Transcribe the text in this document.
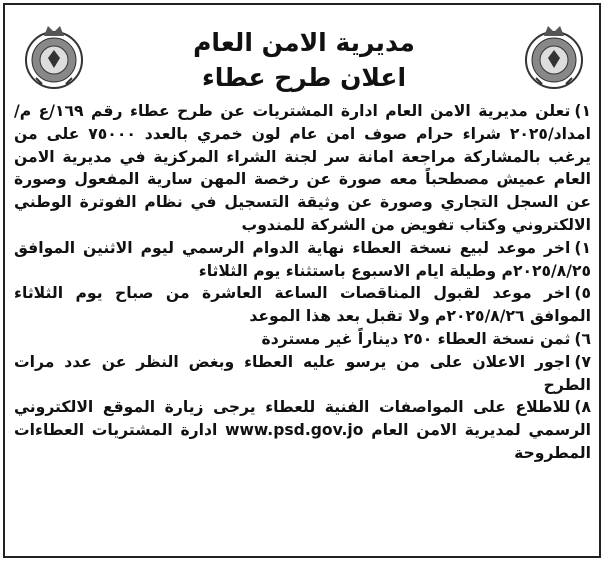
مديرية الامن العام
اعلان طرح عطاء

١)تعلن مديرية الامن العام ادارة المشتريات عن طرح عطاء رقم ١٦٩/ع م/امداد/٢٠٢٥ شراء حرام صوف امن عام لون خمري بالعدد ٧٥٠٠٠ على من يرغب بالمشاركة مراجعة امانة سر لجنة الشراء المركزية في مديرية الامن العام عميش مصطحباً معه صورة عن رخصة المهن سارية المفعول وصورة عن السجل التجاري وصورة عن وثيقة التسجيل في نظام الفوترة الوطني الالكتروني وكتاب تفويض من الشركة للمندوب

١)اخر موعد لبيع نسخة العطاء نهاية الدوام الرسمي ليوم الاثنين الموافق ٢٠٢٥/٨/٢٥م وطيلة ايام الاسبوع باستثناء يوم الثلاثاء

٥)اخر موعد لقبول المناقصات الساعة العاشرة من صباح يوم الثلاثاء الموافق ٢٠٢٥/٨/٢٦م ولا تقبل بعد هذا الموعد

٦)ثمن نسخة العطاء ٢٥٠ ديناراً غير مستردة

٧)اجور الاعلان على من يرسو عليه العطاء وبغض النظر عن عدد مرات الطرح

٨)للاطلاع على المواصفات الفنية للعطاء يرجى زيارة الموقع الالكتروني الرسمي لمديرية الامن العام www.psd.gov.jo ادارة المشتريات العطاءات المطروحة
